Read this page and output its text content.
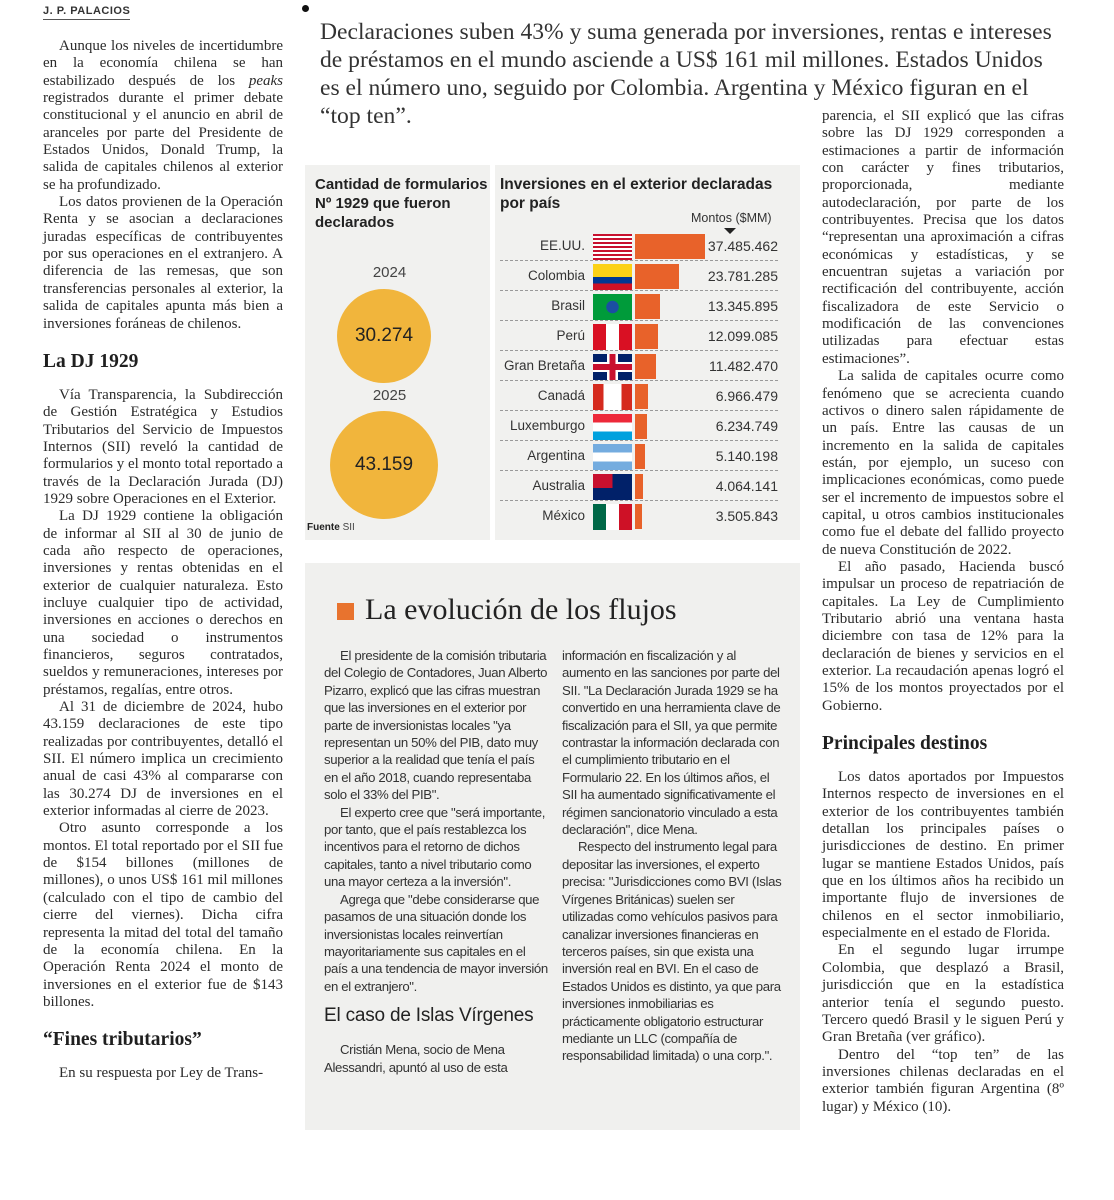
J. P. PALACIOS

Aunque los niveles de incertidumbre en la economía chilena se han estabilizado después de los peaks registrados durante el primer debate constitucional y el anuncio en abril de aranceles por parte del Presidente de Estados Unidos, Donald Trump, la salida de capitales chilenos al exterior se ha profundizado.

Los datos provienen de la Operación Renta y se asocian a declaraciones juradas específicas de contribuyentes por sus operaciones en el extranjero. A diferencia de las remesas, que son transferencias personales al exterior, la salida de capitales apunta más bien a inversiones foráneas de chilenos.

La DJ 1929

Vía Transparencia, la Subdirección de Gestión Estratégica y Estudios Tributarios del Servicio de Impuestos Internos (SII) reveló la cantidad de formularios y el monto total reportado a través de la Declaración Jurada (DJ) 1929 sobre Operaciones en el Exterior.

La DJ 1929 contiene la obligación de informar al SII al 30 de junio de cada año respecto de operaciones, inversiones y rentas obtenidas en el exterior de cualquier naturaleza. Esto incluye cualquier tipo de actividad, inversiones en acciones o derechos en una sociedad o instrumentos financieros, seguros contratados, sueldos y remuneraciones, intereses por préstamos, regalías, entre otros.

Al 31 de diciembre de 2024, hubo 43.159 declaraciones de este tipo realizadas por contribuyentes, detalló el SII. El número implica un crecimiento anual de casi 43% al compararse con las 30.274 DJ de inversiones en el exterior informadas al cierre de 2023.

Otro asunto corresponde a los montos. El total reportado por el SII fue de $154 billones (millones de millones), o unos US$ 161 mil millones (calculado con el tipo de cambio del cierre del viernes). Dicha cifra representa la mitad del total del tamaño de la economía chilena. En la Operación Renta 2024 el monto de inversiones en el exterior fue de $143 billones.

“Fines tributarios”

En su respuesta por Ley de Trans-

Declaraciones suben 43% y suma generada por inversiones, rentas e intereses de préstamos en el mundo asciende a US$ 161 mil millones. Estados Unidos es el número uno, seguido por Colombia. Argentina y México figuran en el “top ten”.
Cantidad de formularios Nº 1929 que fueron declarados
2024
30.274
2025
43.159
Fuente SII
Inversiones en el exterior declaradas por país
Montos ($MM)
EE.UU.	37.485.462
Colombia	23.781.285
Brasil	13.345.895
Perú	12.099.085
Gran Bretaña	11.482.470
Canadá	6.966.479
Luxemburgo	6.234.749
Argentina	5.140.198
Australia	4.064.141
México	3.505.843
La evolución de los flujos

El presidente de la comisión tributaria del Colegio de Contadores, Juan Alberto Pizarro, explicó que las cifras muestran que las inversiones en el exterior por parte de inversionistas locales "ya representan un 50% del PIB, dato muy superior a la realidad que tenía el país en el año 2018, cuando representaba solo el 33% del PIB".

El experto cree que "será importante, por tanto, que el país restablezca los incentivos para el retorno de dichos capitales, tanto a nivel tributario como una mayor certeza a la inversión".

Agrega que "debe considerarse que pasamos de una situación donde los inversionistas locales reinvertían mayoritariamente sus capitales en el país a una tendencia de mayor inversión en el extranjero".

El caso de Islas Vírgenes

Cristián Mena, socio de Mena Alessandri, apuntó al uso de esta

información en fiscalización y al aumento en las sanciones por parte del SII. "La Declaración Jurada 1929 se ha convertido en una herramienta clave de fiscalización para el SII, ya que permite contrastar la información declarada con el cumplimiento tributario en el Formulario 22. En los últimos años, el SII ha aumentado significativamente el régimen sancionatorio vinculado a esta declaración", dice Mena.

Respecto del instrumento legal para depositar las inversiones, el experto precisa: "Jurisdicciones como BVI (Islas Vírgenes Británicas) suelen ser utilizadas como vehículos pasivos para canalizar inversiones financieras en terceros países, sin que exista una inversión real en BVI. En el caso de Estados Unidos es distinto, ya que para inversiones inmobiliarias es prácticamente obligatorio estructurar mediante un LLC (compañía de responsabilidad limitada) o una corp.".

parencia, el SII explicó que las cifras sobre las DJ 1929 corresponden a estimaciones a partir de información con carácter y fines tributarios, proporcionada, mediante autodeclaración, por parte de los contribuyentes. Precisa que los datos “representan una aproximación a cifras económicas y estadísticas, y se encuentran sujetas a variación por rectificación del contribuyente, acción fiscalizadora de este Servicio o modificación de las convenciones utilizadas para efectuar estas estimaciones”.

La salida de capitales ocurre como fenómeno que se acrecienta cuando activos o dinero salen rápidamente de un país. Entre las causas de un incremento en la salida de capitales están, por ejemplo, un suceso con implicaciones económicas, como puede ser el incremento de impuestos sobre el capital, u otros cambios institucionales como fue el debate del fallido proyecto de nueva Constitución de 2022.

El año pasado, Hacienda buscó impulsar un proceso de repatriación de capitales. La Ley de Cumplimiento Tributario abrió una ventana hasta diciembre con tasa de 12% para la declaración de bienes y servicios en el exterior. La recaudación apenas logró el 15% de los montos proyectados por el Gobierno.

Principales destinos

Los datos aportados por Impuestos Internos respecto de inversiones en el exterior de los contribuyentes también detallan los principales países o jurisdicciones de destino. En primer lugar se mantiene Estados Unidos, país que en los últimos años ha recibido un importante flujo de inversiones de chilenos en el sector inmobiliario, especialmente en el estado de Florida.

En el segundo lugar irrumpe Colombia, que desplazó a Brasil, jurisdicción que en la estadística anterior tenía el segundo puesto. Tercero quedó Brasil y le siguen Perú y Gran Bretaña (ver gráfico).

Dentro del “top ten” de las inversiones chilenas declaradas en el exterior también figuran Argentina (8º lugar) y México (10).
